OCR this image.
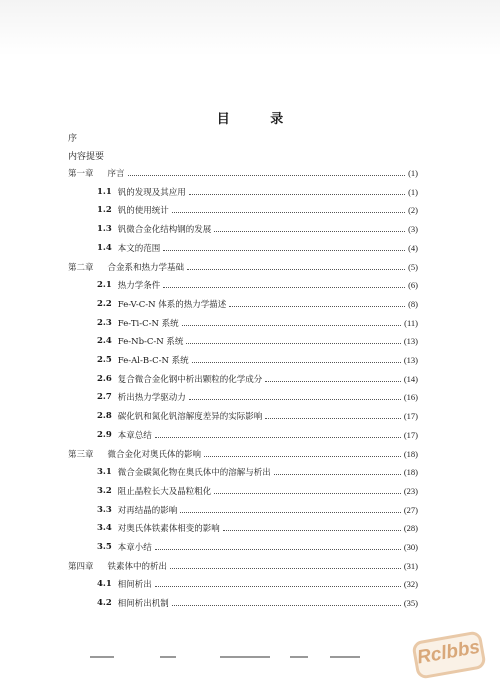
目 录
序
内容提要
第一章 序言	(1)
1.1 钒的发现及其应用	(1)
1.2 钒的使用统计	(2)
1.3 钒微合金化结构钢的发展	(3)
1.4 本文的范围	(4)
第二章 合金系和热力学基础	(5)
2.1 热力学条件	(6)
2.2 Fe-V-C-N 体系的热力学描述	(8)
2.3 Fe-Ti-C-N 系统	(11)
2.4 Fe-Nb-C-N 系统	(13)
2.5 Fe-Al-B-C-N 系统	(13)
2.6 复合微合金化钢中析出颗粒的化学成分	(14)
2.7 析出热力学驱动力	(16)
2.8 碳化钒和氮化钒溶解度差异的实际影响	(17)
2.9 本章总结	(17)
第三章 微合金化对奥氏体的影响	(18)
3.1 微合金碳氮化物在奥氏体中的溶解与析出	(18)
3.2 阻止晶粒长大及晶粒粗化	(23)
3.3 对再结晶的影响	(27)
3.4 对奥氏体铁素体相变的影响	(28)
3.5 本章小结	(30)
第四章 铁素体中的析出	(31)
4.1 相间析出	(32)
4.2 相间析出机制	(35)
Rclbbs
